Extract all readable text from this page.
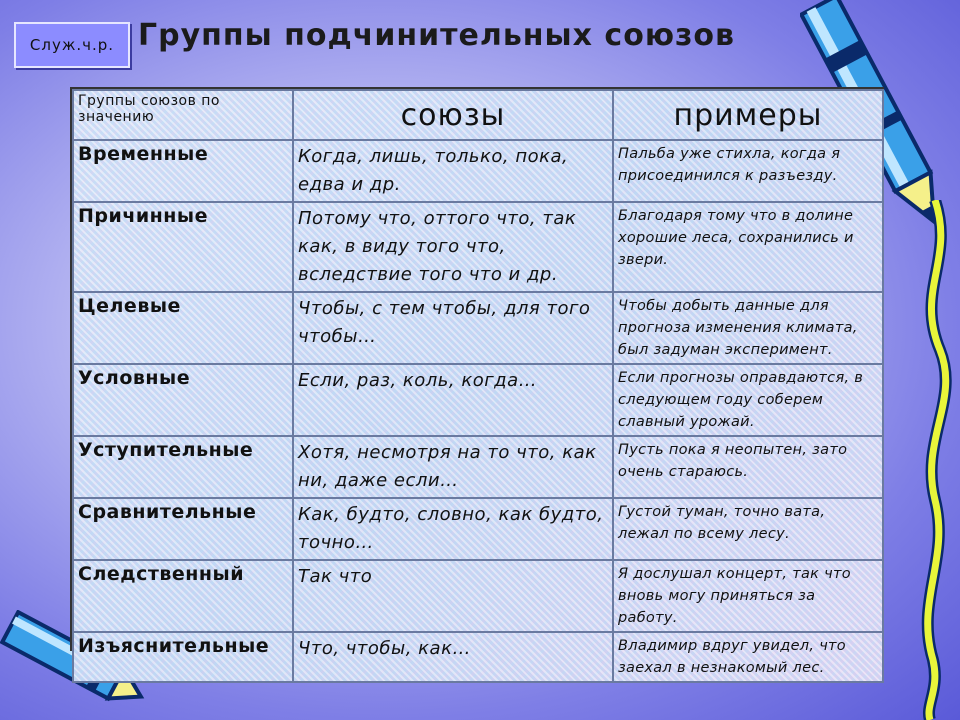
Служ.ч.р. Группы подчинительных союзов
Группы союзов по значению	союзы	примеры
Временные	Когда, лишь, только, пока, едва и др.	Пальба уже стихла, когда я присоединился к разъезду.
Причинные	Потому что, оттого что, так как, в виду того что, вследствие того что и др.	Благодаря тому что в долине хорошие леса, сохранились и звери.
Целевые	Чтобы, с тем чтобы, для того чтобы…	Чтобы добыть данные для прогноза изменения климата, был задуман эксперимент.
Условные	Если, раз, коль, когда…	Если прогнозы оправдаются, в следующем году соберем славный урожай.
Уступительные	Хотя, несмотря на то что, как ни, даже если…	Пусть пока я неопытен, зато очень стараюсь.
Сравнительные	Как, будто, словно, как будто, точно…	Густой туман, точно вата, лежал по всему лесу.
Следственный	Так что	Я дослушал концерт, так что вновь могу приняться за работу.
Изъяснительные	Что, чтобы, как…	Владимир вдруг увидел, что заехал в незнакомый лес.
